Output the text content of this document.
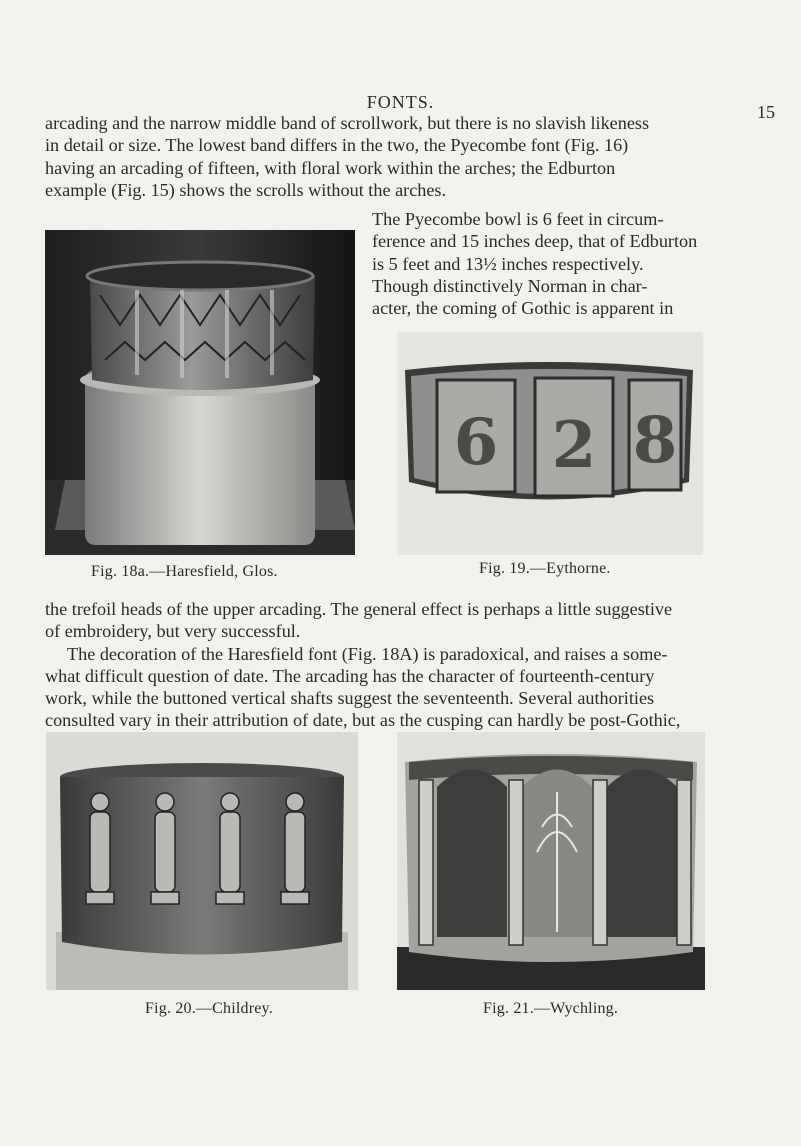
FONTS.	15

arcading and the narrow middle band of scrollwork, but there is no slavish likeness
in detail or size. The lowest band differs in the two, the Pyecombe font (Fig. 16)
having an arcading of fifteen, with floral work within the arches; the Edburton
example (Fig. 15) shows the scrolls without the arches.

The Pyecombe bowl is 6 feet in circum-
ference and 15 inches deep, that of Edburton
is 5 feet and 13½ inches respectively.
Though distinctively Norman in char-
acter, the coming of Gothic is apparent in

6 2 8
Fig. 18a.—Haresfield, Glos.	Fig. 19.—Eythorne.

the trefoil heads of the upper arcading. The general effect is perhaps a little suggestive
of embroidery, but very successful.
The decoration of the Haresfield font (Fig. 18A) is paradoxical, and raises a some-
what difficult question of date. The arcading has the character of fourteenth-century
work, while the buttoned vertical shafts suggest the seventeenth. Several authorities
consulted vary in their attribution of date, but as the cusping can hardly be post-Gothic,

Fig. 20.—Childrey.	Fig. 21.—Wychling.
